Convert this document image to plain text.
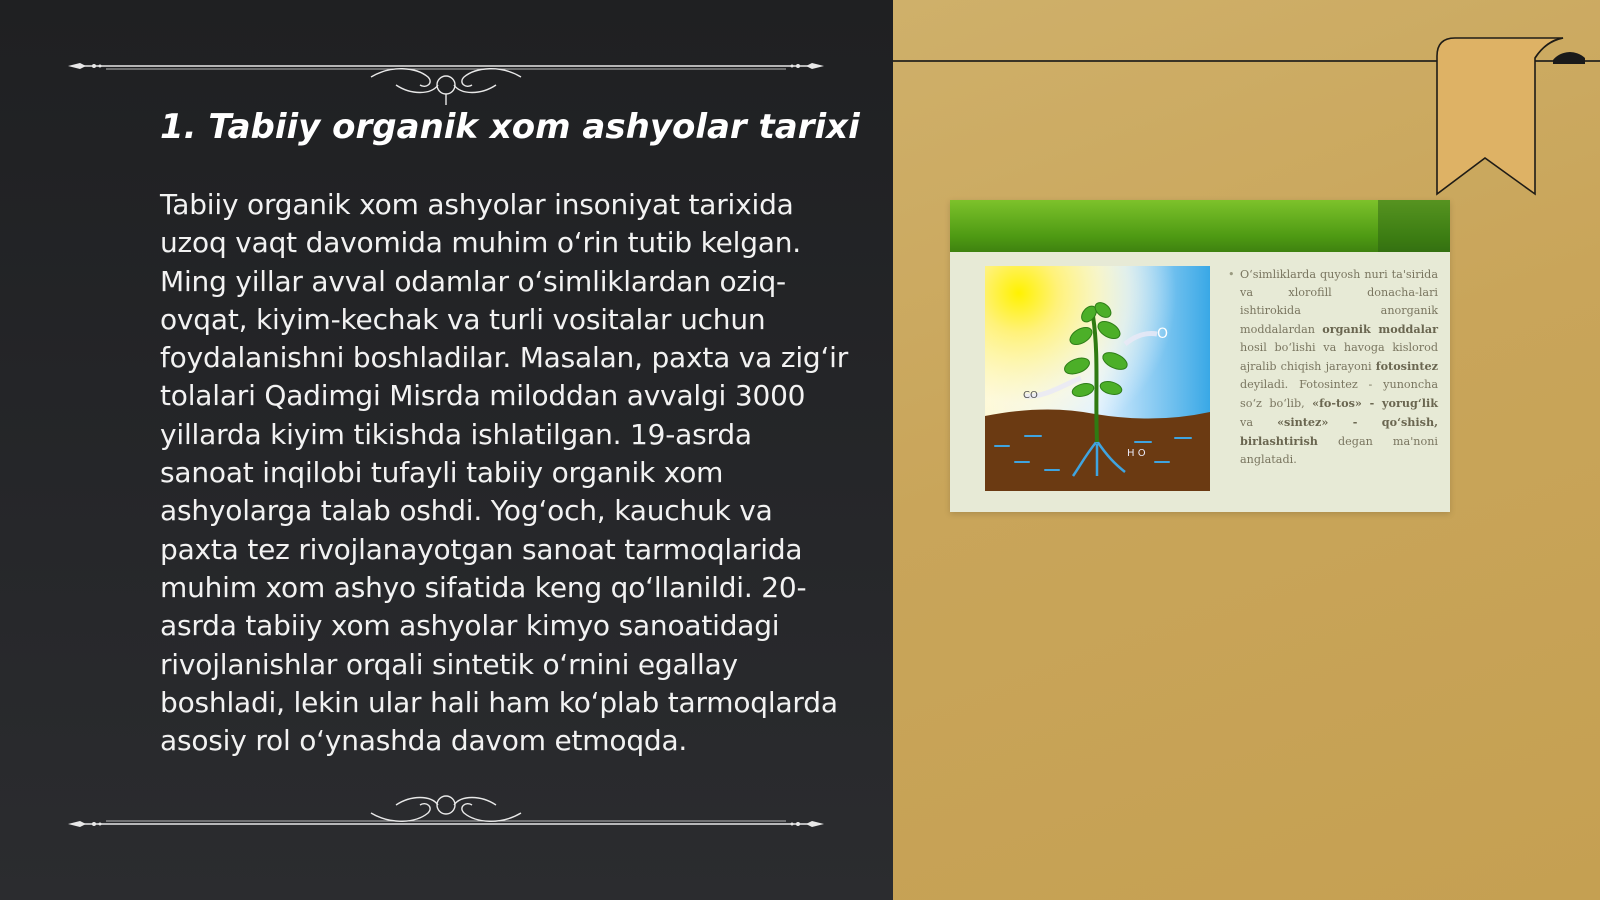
1. Tabiiy organik xom ashyolar tarixi

Tabiiy organik xom ashyolar insoniyat tarixida uzoq vaqt davomida muhim o‘rin tutib kelgan. Ming yillar avval odamlar o‘simliklardan oziq-ovqat, kiyim-kechak va turli vositalar uchun foydalanishni boshladilar. Masalan, paxta va zig‘ir tolalari Qadimgi Misrda miloddan avvalgi 3000 yillarda kiyim tikishda ishlatilgan. 19-asrda sanoat inqilobi tufayli tabiiy organik xom ashyolarga talab oshdi. Yog‘och, kauchuk va paxta tez rivojlanayotgan sanoat tarmoqlarida muhim xom ashyo sifatida keng qo‘llanildi. 20-asrda tabiiy xom ashyolar kimyo sanoatidagi rivojlanishlar orqali sintetik o‘rnini egallay boshladi, lekin ular hali ham ko‘plab tarmoqlarda asosiy rol o‘ynashda davom etmoqda.

CO
H O
O

• O‘simliklarda quyosh nuri ta'sirida va xlorofill donacha-lari ishtirokida anorganik moddalardan organik moddalar hosil bo‘lishi va havoga kislorod ajralib chiqish jarayoni fotosintez deyiladi. Fotosintez - yunoncha so‘z bo‘lib, «fo-tos» - yorug‘lik va «sintez» - qo‘shish, birlashtirish degan ma'noni anglatadi.
